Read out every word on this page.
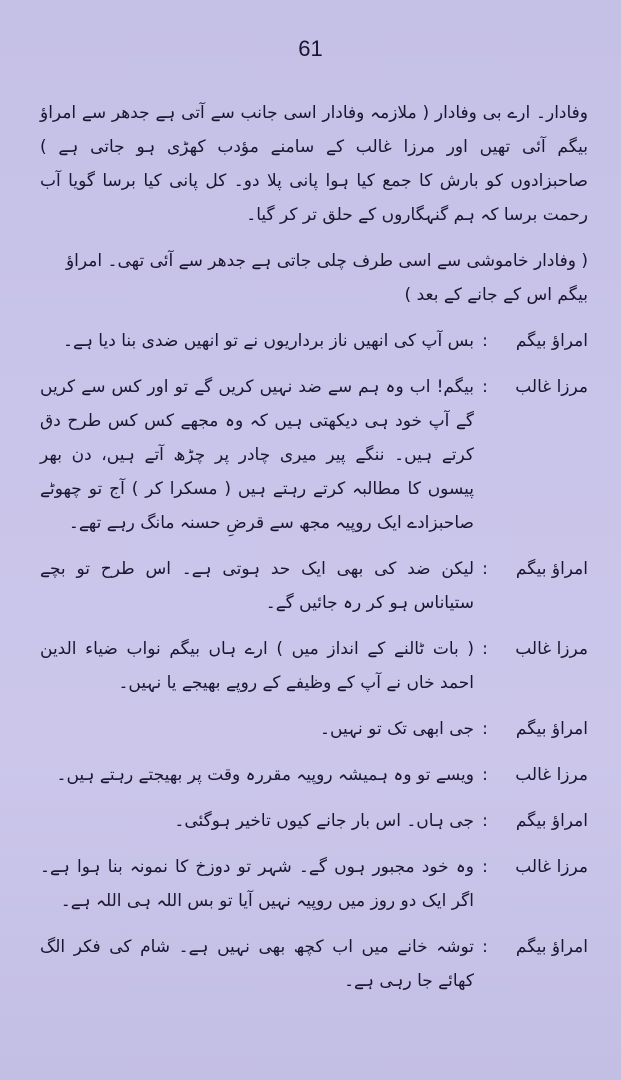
61

وفادار۔ ارے بی وفادار ( ملازمہ وفادار اسی جانب سے آتی ہے جدھر سے امراؤ بیگم آئی تھیں اور مرزا غالب کے سامنے مؤدب کھڑی ہو جاتی ہے ) صاحبزادوں کو بارش کا جمع کیا ہوا پانی پلا دو۔ کل پانی کیا برسا گویا آب رحمت برسا کہ ہم گنہگاروں کے حلق تر کر گیا۔

( وفادار خاموشی سے اسی طرف چلی جاتی ہے جدھر سے آئی تھی۔ امراؤ بیگم اس کے جانے کے بعد )

امراؤ بیگم
:
بس آپ کی انھیں ناز برداریوں نے تو انھیں ضدی بنا دیا ہے۔
مرزا غالب
:
بیگم! اب وہ ہم سے ضد نہیں کریں گے تو اور کس سے کریں گے آپ خود ہی دیکھتی ہیں کہ وہ مجھے کس کس طرح دق کرتے ہیں۔ ننگے پیر میری چادر پر چڑھ آتے ہیں، دن بھر پیسوں کا مطالبہ کرتے رہتے ہیں ( مسکرا کر ) آج تو چھوٹے صاحبزادے ایک روپیہ مجھ سے قرضِ حسنہ مانگ رہے تھے۔
امراؤ بیگم
:
لیکن ضد کی بھی ایک حد ہوتی ہے۔ اس طرح تو بچے ستیاناس ہو کر رہ جائیں گے۔
مرزا غالب
:
( بات ٹالنے کے انداز میں ) ارے ہاں بیگم نواب ضیاء الدین احمد خاں نے آپ کے وظیفے کے روپے بھیجے یا نہیں۔
امراؤ بیگم
:
جی ابھی تک تو نہیں۔
مرزا غالب
:
ویسے تو وہ ہمیشہ روپیہ مقررہ وقت پر بھیجتے رہتے ہیں۔
امراؤ بیگم
:
جی ہاں۔ اس بار جانے کیوں تاخیر ہوگئی۔
مرزا غالب
:
وہ خود مجبور ہوں گے۔ شہر تو دوزخ کا نمونہ بنا ہوا ہے۔ اگر ایک دو روز میں روپیہ نہیں آیا تو بس اللہ ہی اللہ ہے۔
امراؤ بیگم
:
توشہ خانے میں اب کچھ بھی نہیں ہے۔ شام کی فکر الگ کھائے جا رہی ہے۔
